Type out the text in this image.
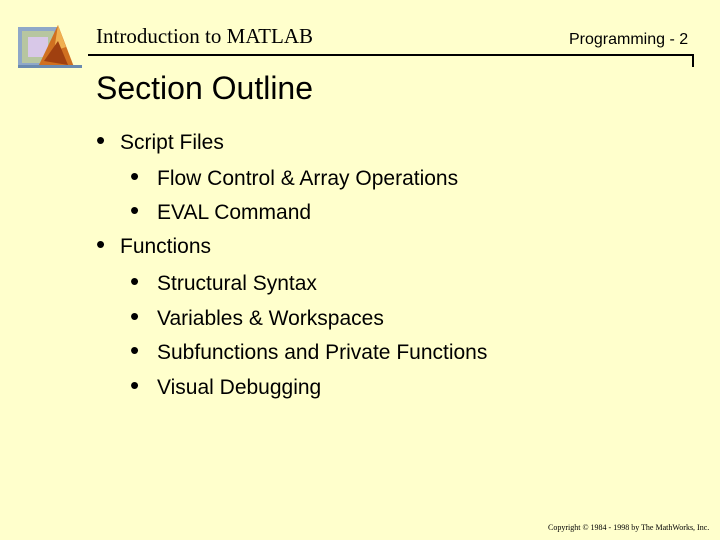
Introduction to MATLAB	Programming - 2
Section Outline
• Script Files
• Flow Control & Array Operations
• EVAL Command
• Functions
• Structural Syntax
• Variables & Workspaces
• Subfunctions and Private Functions
• Visual Debugging
Copyright © 1984 - 1998 by The MathWorks, Inc.
